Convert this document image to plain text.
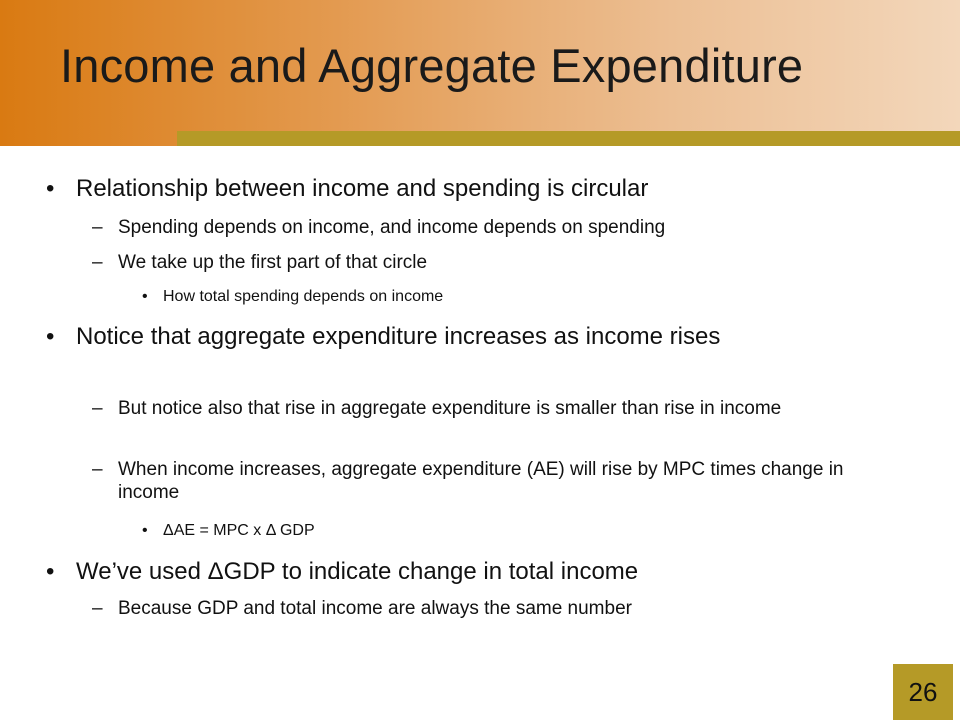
Income and Aggregate Expenditure
• Relationship between income and spending is circular
– Spending depends on income, and income depends on spending
– We take up the first part of that circle
• How total spending depends on income
• Notice that aggregate expenditure increases as income rises
– But notice also that rise in aggregate expenditure is smaller than rise in income
– When income increases, aggregate expenditure (AE) will rise by MPC times change in income
• ΔAE = MPC x Δ GDP
• We’ve used ΔGDP to indicate change in total income
– Because GDP and total income are always the same number
26
